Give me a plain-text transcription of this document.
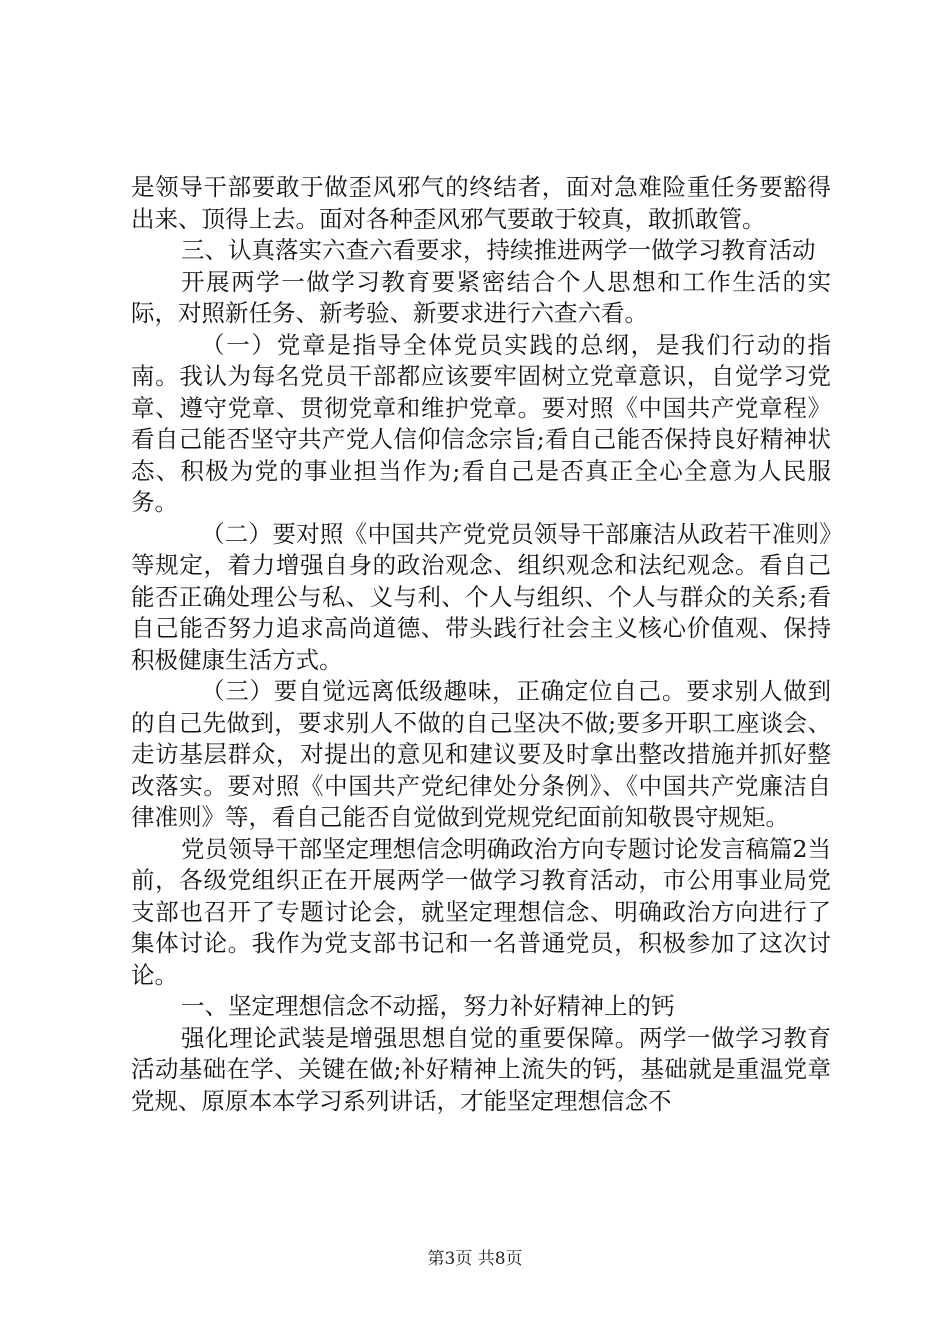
是领导干部要敢于做歪风邪气的终结者，面对急难险重任务要豁得出来、顶得上去。面对各种歪风邪气要敢于较真，敢抓敢管。

三、认真落实六查六看要求，持续推进两学一做学习教育活动

开展两学一做学习教育要紧密结合个人思想和工作生活的实际，对照新任务、新考验、新要求进行六查六看。

（一）党章是指导全体党员实践的总纲，是我们行动的指南。我认为每名党员干部都应该要牢固树立党章意识，自觉学习党章、遵守党章、贯彻党章和维护党章。要对照《中国共产党章程》看自己能否坚守共产党人信仰信念宗旨;看自己能否保持良好精神状态、积极为党的事业担当作为;看自己是否真正全心全意为人民服务。

（二）要对照《中国共产党党员领导干部廉洁从政若干准则》等规定，着力增强自身的政治观念、组织观念和法纪观念。看自己能否正确处理公与私、义与利、个人与组织、个人与群众的关系;看自己能否努力追求高尚道德、带头践行社会主义核心价值观、保持积极健康生活方式。

（三）要自觉远离低级趣味，正确定位自己。要求别人做到的自己先做到，要求别人不做的自己坚决不做;要多开职工座谈会、走访基层群众，对提出的意见和建议要及时拿出整改措施并抓好整改落实。要对照《中国共产党纪律处分条例》、《中国共产党廉洁自律准则》等，看自己能否自觉做到党规党纪面前知敬畏守规矩。

党员领导干部坚定理想信念明确政治方向专题讨论发言稿篇2当前，各级党组织正在开展两学一做学习教育活动，市公用事业局党支部也召开了专题讨论会，就坚定理想信念、明确政治方向进行了集体讨论。我作为党支部书记和一名普通党员，积极参加了这次讨论。

一、坚定理想信念不动摇，努力补好精神上的钙

强化理论武装是增强思想自觉的重要保障。两学一做学习教育活动基础在学、关键在做;补好精神上流失的钙，基础就是重温党章党规、原原本本学习系列讲话，才能坚定理想信念不

第3页 共8页
